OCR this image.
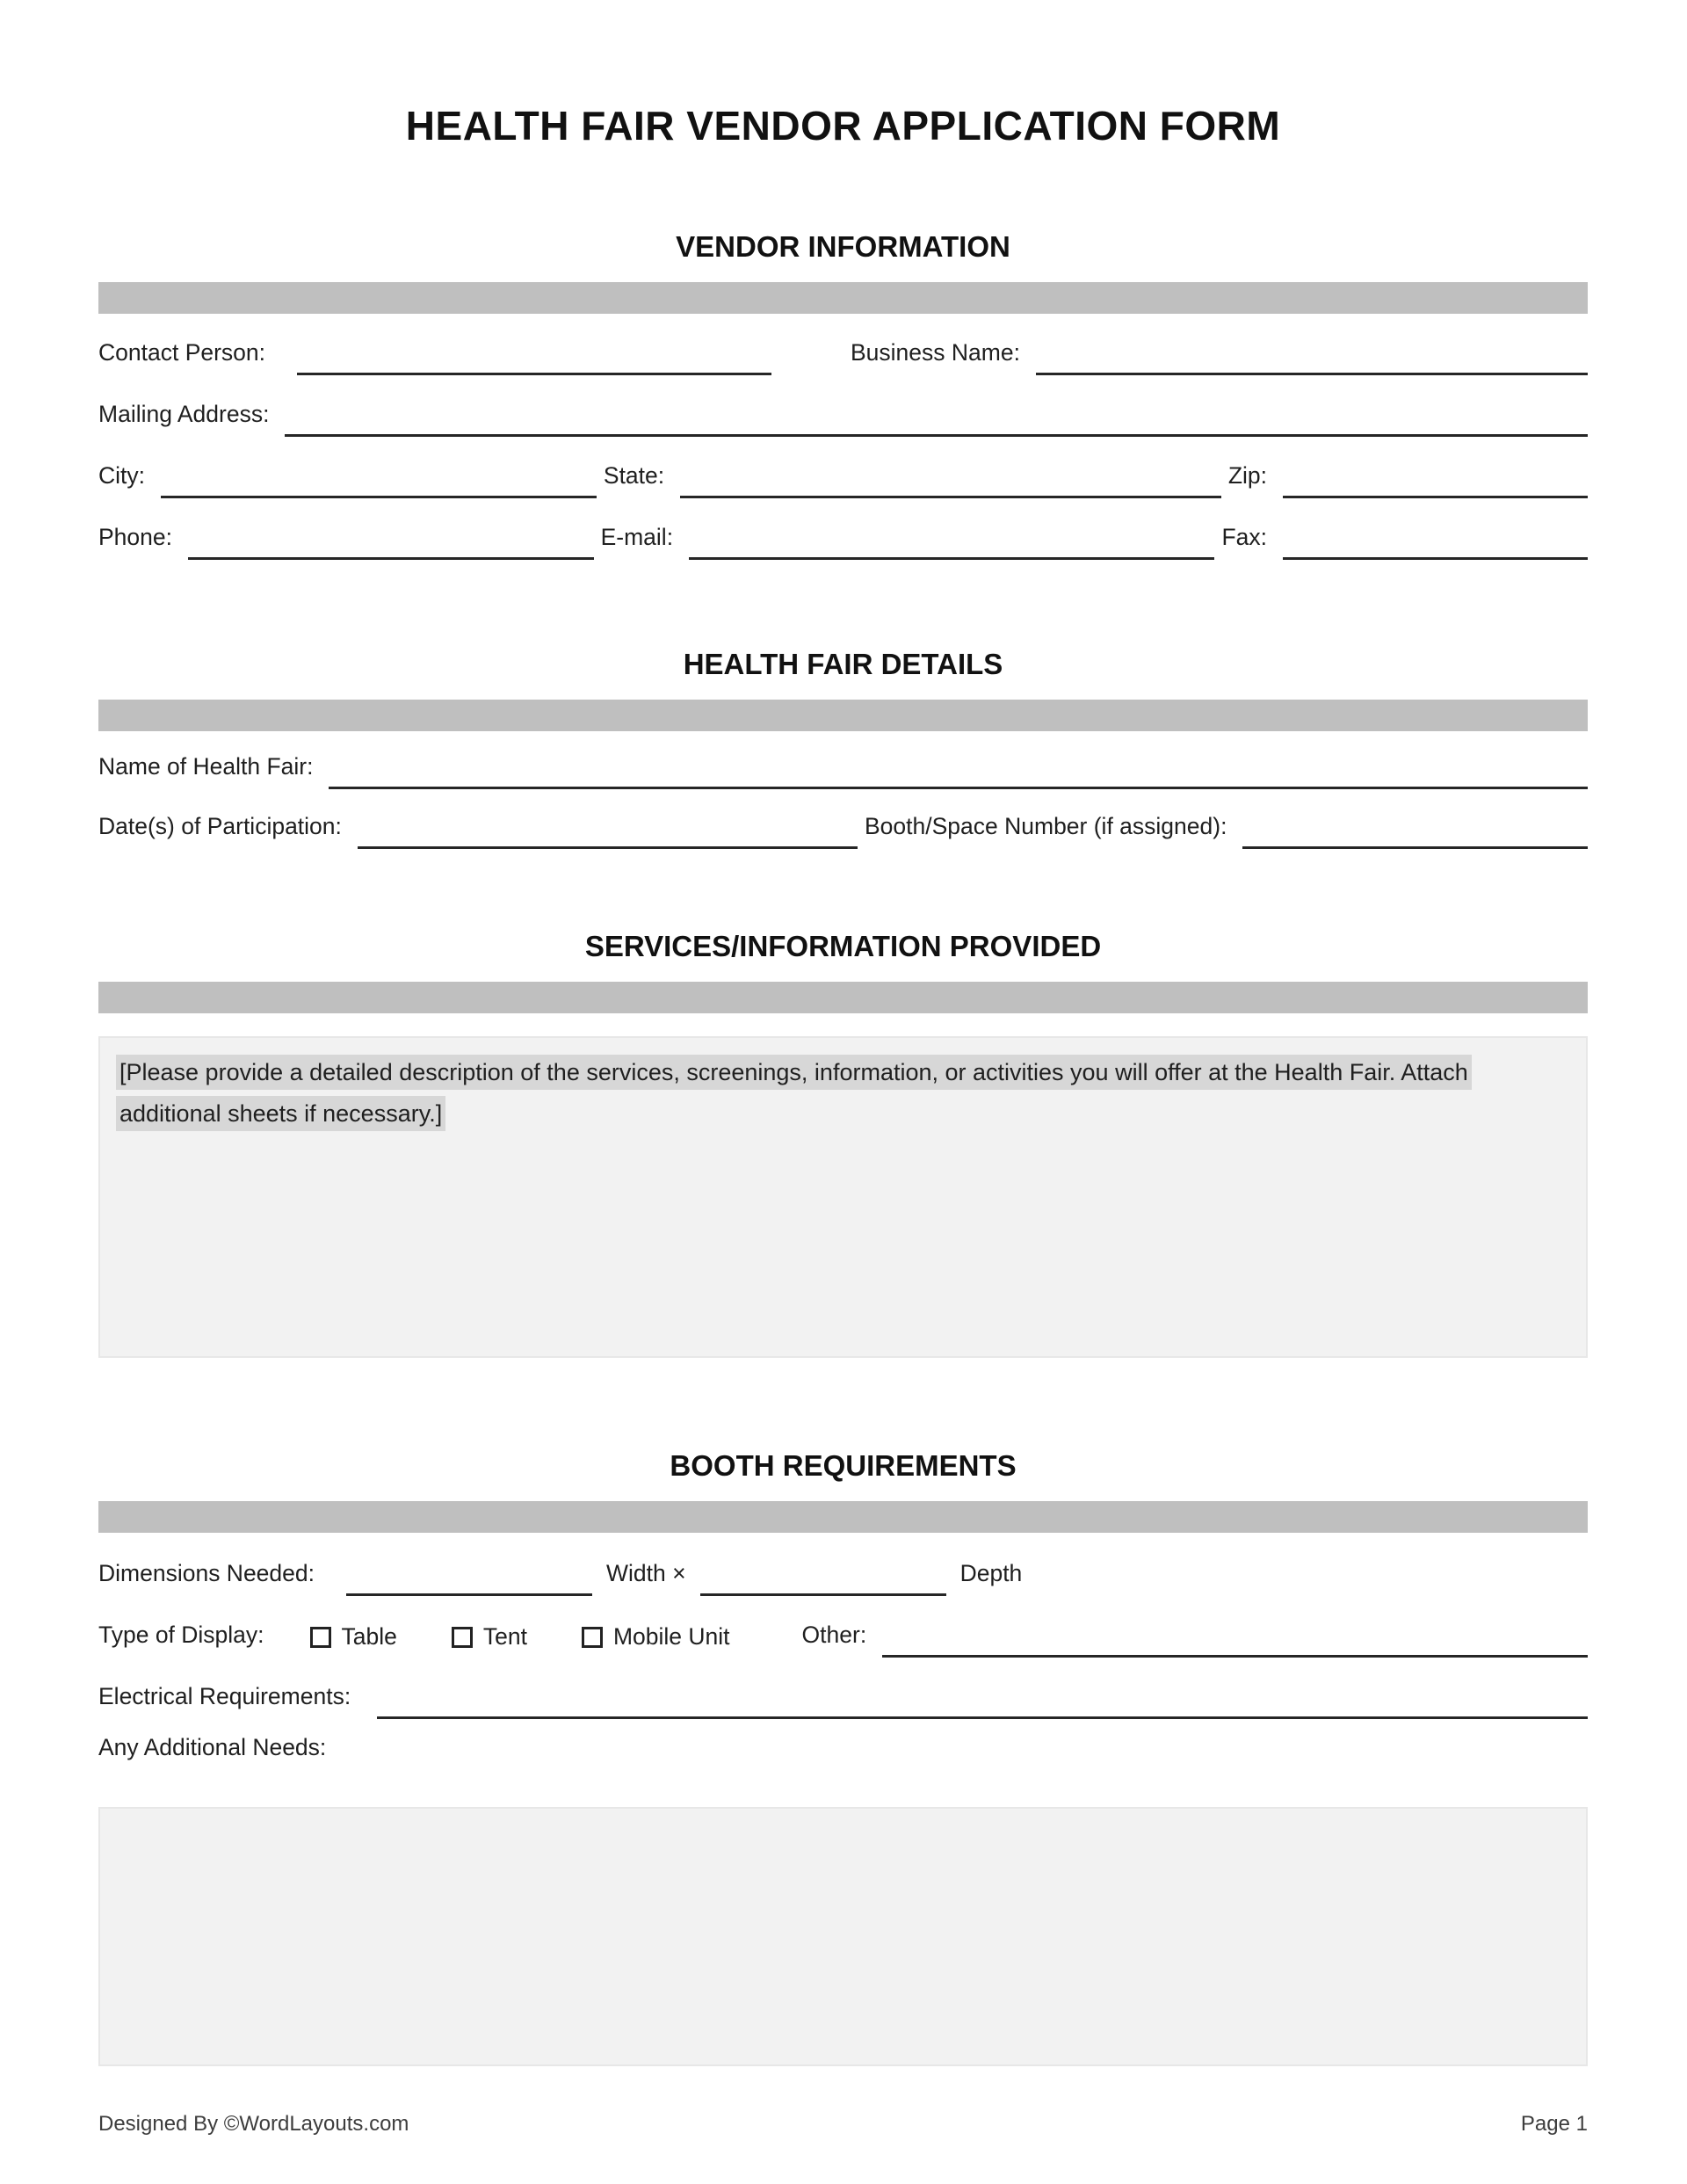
HEALTH FAIR VENDOR APPLICATION FORM
VENDOR INFORMATION
Contact Person:	Business Name:
Mailing Address:
City:	State:	Zip:
Phone:	E-mail:	Fax:
HEALTH FAIR DETAILS
Name of Health Fair:
Date(s) of Participation:	Booth/Space Number (if assigned):
SERVICES/INFORMATION PROVIDED

[Please provide a detailed description of the services, screenings, information, or activities you will offer at the Health Fair. Attach additional sheets if necessary.]

BOOTH REQUIREMENTS
Dimensions Needed:	Width ×	Depth
Type of Display:	Table	Tent	Mobile Unit	Other:
Electrical Requirements:
Any Additional Needs:
Designed By ©WordLayouts.com	Page 1
